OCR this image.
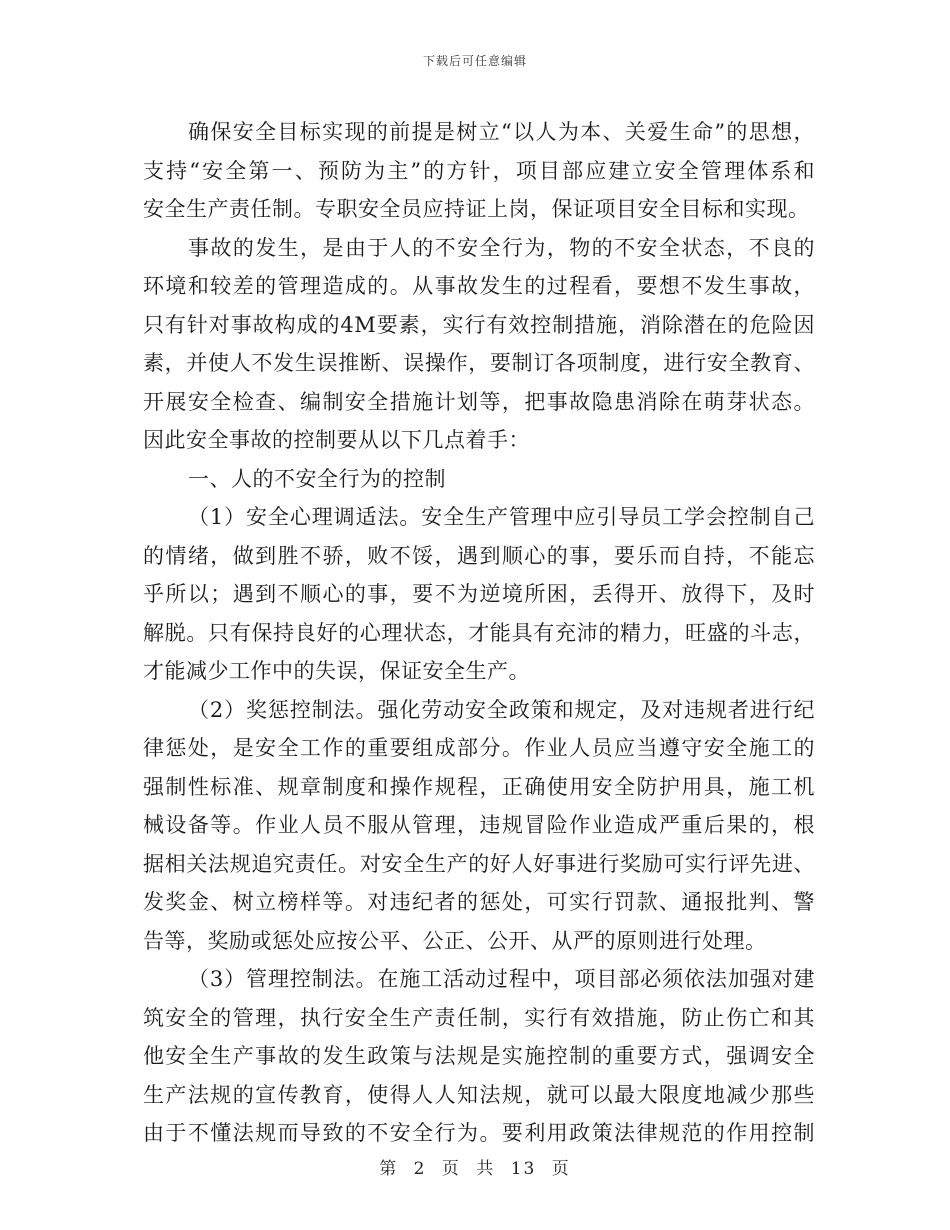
下载后可任意编辑
确保安全目标实现的前提是树立“以人为本、关爱生命”的思想，
支持“安全第一、预防为主”的方针，项目部应建立安全管理体系和
安全生产责任制。专职安全员应持证上岗，保证项目安全目标和实现。
事故的发生，是由于人的不安全行为，物的不安全状态，不良的
环境和较差的管理造成的。从事故发生的过程看，要想不发生事故，
只有针对事故构成的4M要素，实行有效控制措施，消除潜在的危险因
素，并使人不发生误推断、误操作，要制订各项制度，进行安全教育、
开展安全检查、编制安全措施计划等，把事故隐患消除在萌芽状态。
因此安全事故的控制要从以下几点着手：
一、人的不安全行为的控制
（1）安全心理调适法。安全生产管理中应引导员工学会控制自己
的情绪，做到胜不骄，败不馁，遇到顺心的事，要乐而自持，不能忘
乎所以；遇到不顺心的事，要不为逆境所困，丢得开、放得下，及时
解脱。只有保持良好的心理状态，才能具有充沛的精力，旺盛的斗志，
才能减少工作中的失误，保证安全生产。
（2）奖惩控制法。强化劳动安全政策和规定，及对违规者进行纪
律惩处，是安全工作的重要组成部分。作业人员应当遵守安全施工的
强制性标准、规章制度和操作规程，正确使用安全防护用具，施工机
械设备等。作业人员不服从管理，违规冒险作业造成严重后果的，根
据相关法规追究责任。对安全生产的好人好事进行奖励可实行评先进、
发奖金、树立榜样等。对违纪者的惩处，可实行罚款、通报批判、警
告等，奖励或惩处应按公平、公正、公开、从严的原则进行处理。
（3）管理控制法。在施工活动过程中，项目部必须依法加强对建
筑安全的管理，执行安全生产责任制，实行有效措施，防止伤亡和其
他安全生产事故的发生政策与法规是实施控制的重要方式，强调安全
生产法规的宣传教育，使得人人知法规，就可以最大限度地减少那些
由于不懂法规而导致的不安全行为。要利用政策法律规范的作用控制
第 2 页 共 13 页
